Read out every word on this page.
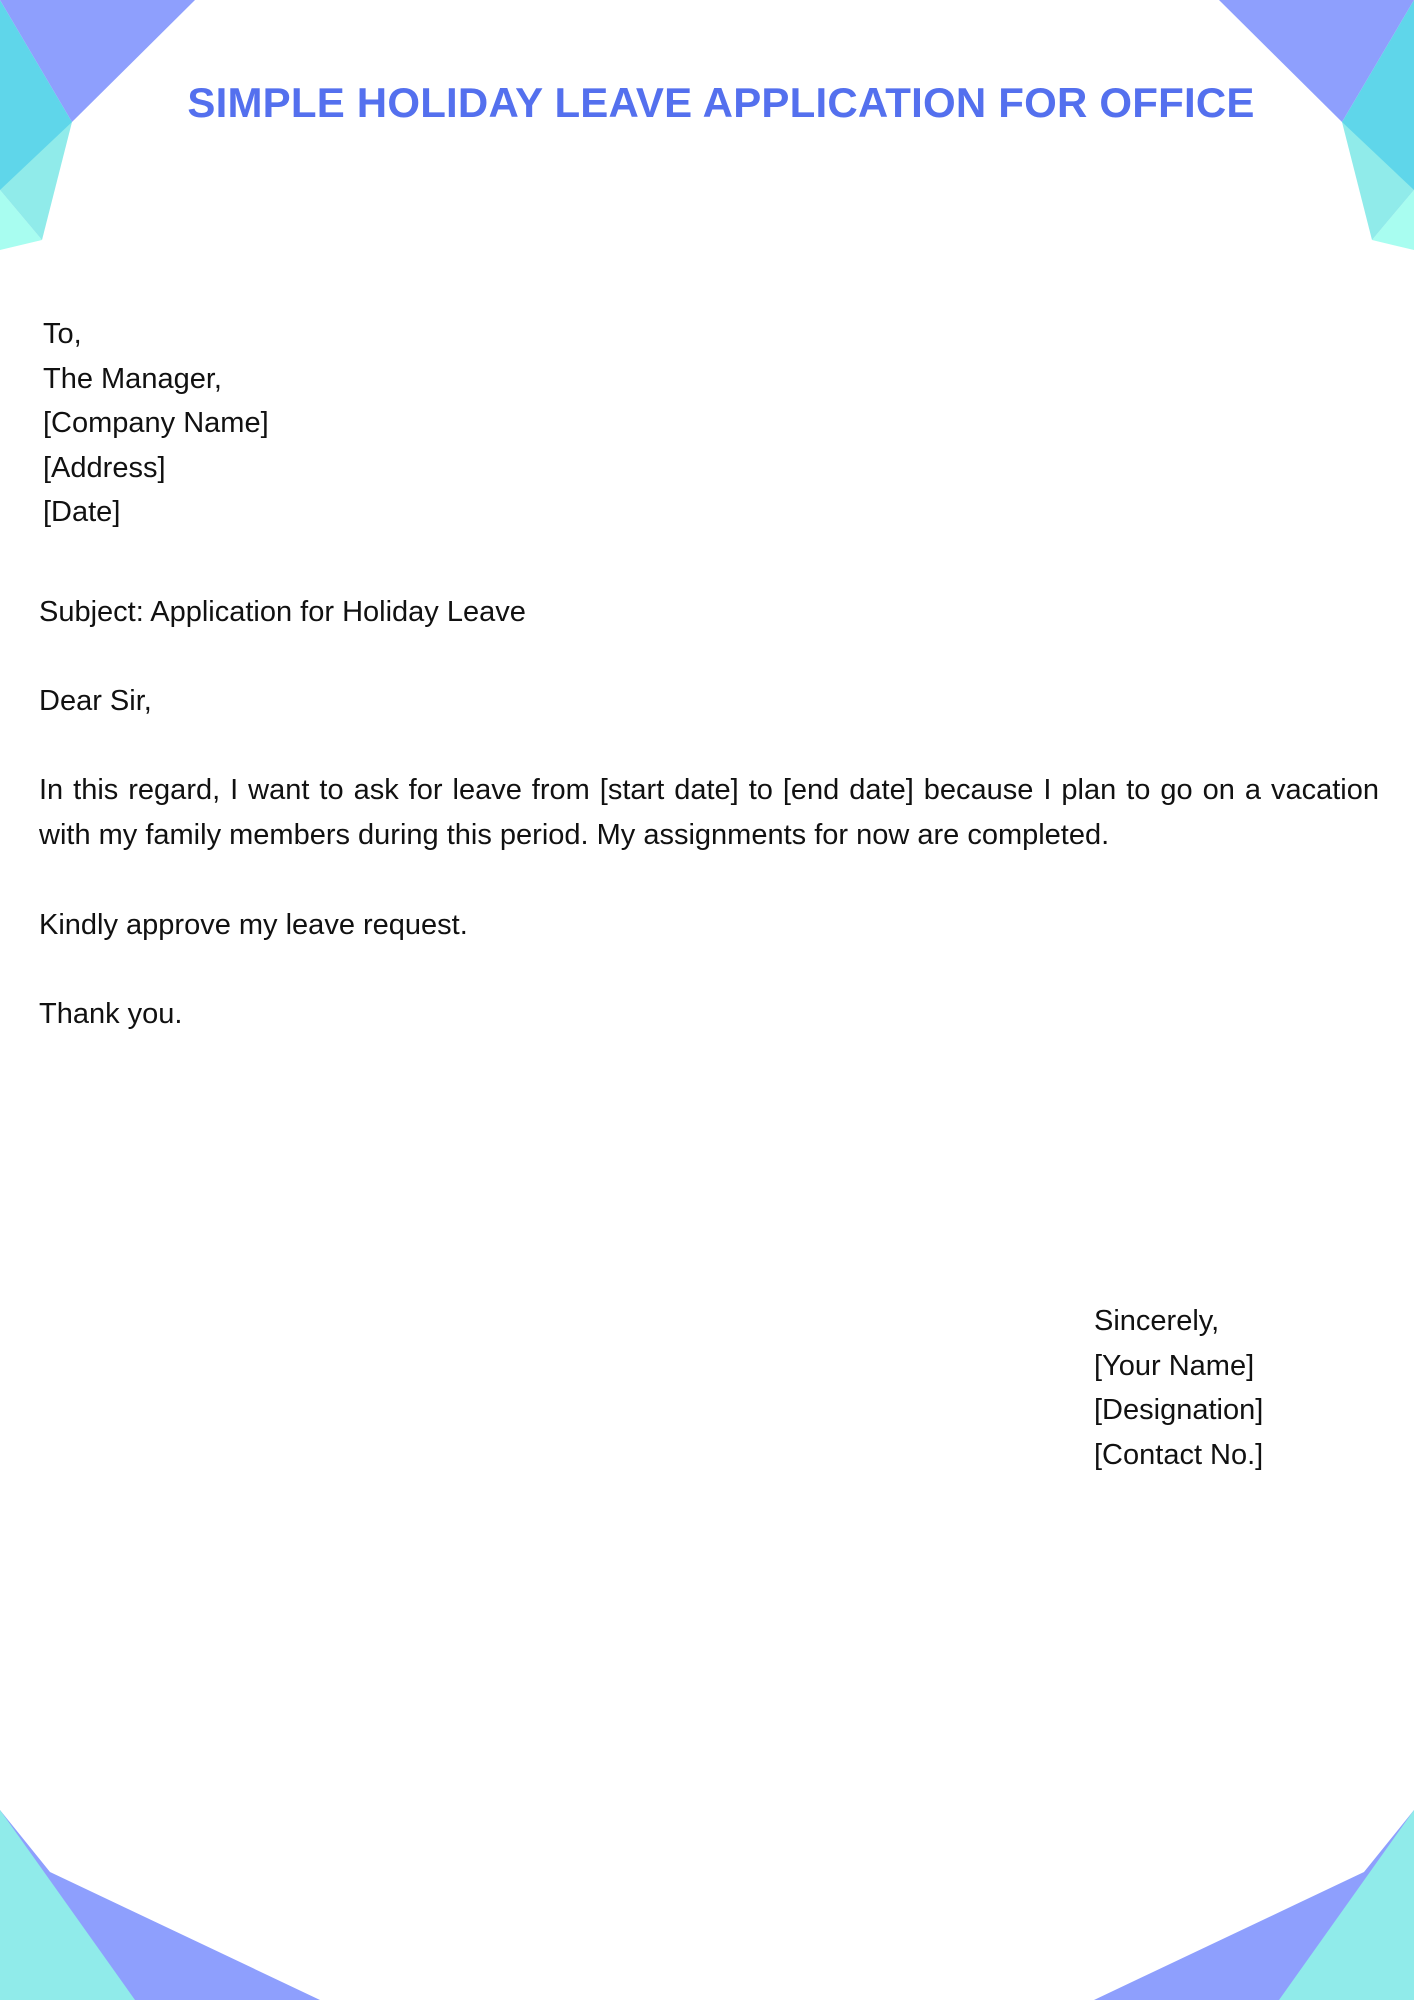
SIMPLE HOLIDAY LEAVE APPLICATION FOR OFFICE
To,
The Manager,
[Company Name]
[Address]
[Date]

Subject: Application for Holiday Leave

Dear Sir,

In this regard, I want to ask for leave from [start date] to [end date] because I plan to go on a vacation with my family members during this period. My assignments for now are completed.

Kindly approve my leave request.

Thank you.

Sincerely,
[Your Name]
[Designation]
[Contact No.]
